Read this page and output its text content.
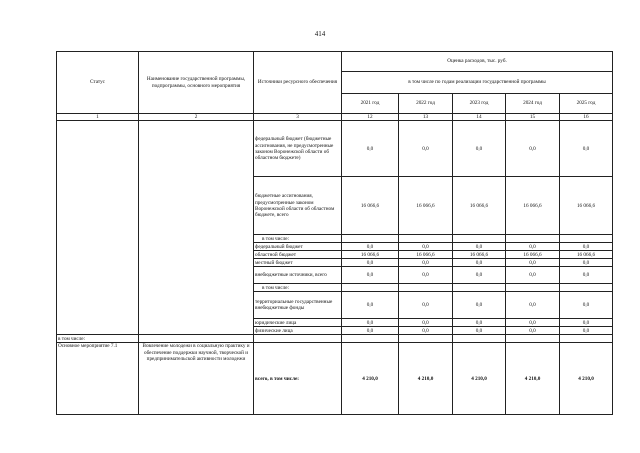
414
Статус	Наименование государственной программы, подпрограммы, основного мероприятия	Источники ресурсного обеспечения	Оценка расходов, тыс. руб.				
			в том числе по годам реализации государственной программы				
			2021 год	2022 год	2023 год	2024 год	2025 год
1	2	3	12	13	14	15	16
		федеральный бюджет (бюджетные ассигнования, не предусмотренные законом Воронежской области об областном бюджете)	0,0	0,0	0,0	0,0	0,0
		бюджетные ассигнования, предусмотренные законом Воронежской области об областном бюджете, всего	16 066,6	16 066,6	16 066,6	16 066,6	16 066,6
		в том числе:					
		федеральный бюджет	0,0	0,0	0,0	0,0	0,0
		областной бюджет	16 066,6	16 066,6	16 066,6	16 066,6	16 066,6
		местный бюджет	0,0	0,0	0,0	0,0	0,0
		внебюджетные источники, всего	0,0	0,0	0,0	0,0	0,0
		в том числе:					
		территориальные государственные внебюджетные фонды	0,0	0,0	0,0	0,0	0,0
		юридические лица	0,0	0,0	0,0	0,0	0,0
		физические лица	0,0	0,0	0,0	0,0	0,0
в том числе:							
Основное мероприятие 7.1	Вовлечение молодежи в социальную практику и обеспечение поддержки научной, творческой и предпринимательской активности молодежи	всего, в том числе:	4 210,0	4 210,0	4 210,0	4 210,0	4 210,0
